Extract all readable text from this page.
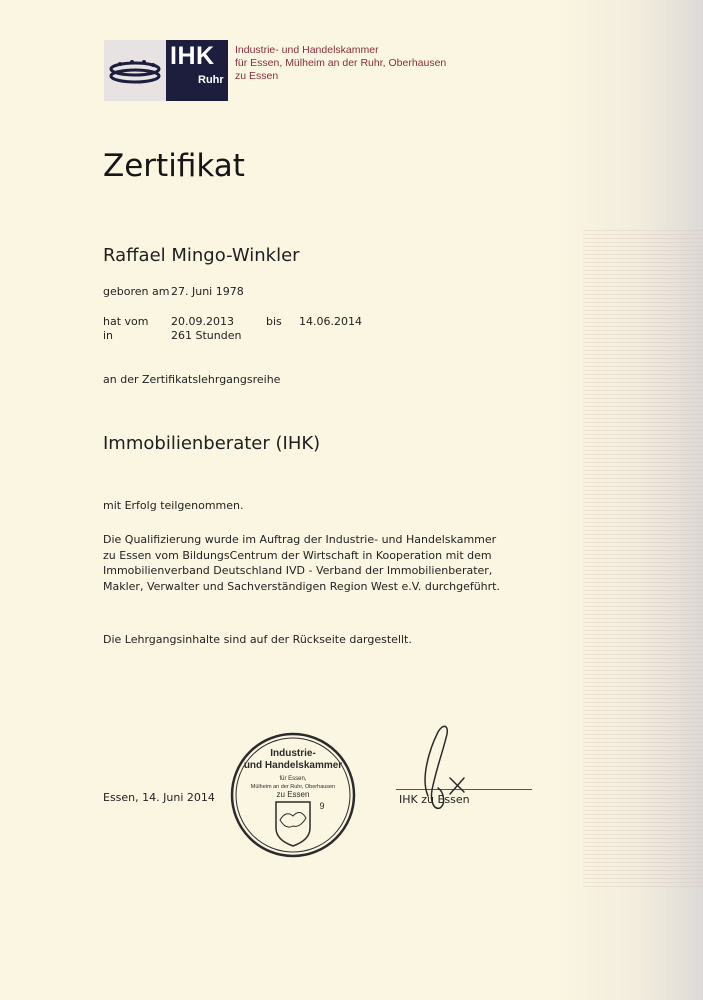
IHK
Ruhr
Industrie- und Handelskammer
für Essen, Mülheim an der Ruhr, Oberhausen
zu Essen
Zertifikat
Raffael Mingo-Winkler
geboren am 27. Juni 1978
hat vom 20.09.2013	bis 14.06.2014
in	261 Stunden
an der Zertifikatslehrgangsreihe
Immobilienberater (IHK)
mit Erfolg teilgenommen.
Die Qualifizierung wurde im Auftrag der Industrie- und Handelskammer
zu Essen vom BildungsCentrum der Wirtschaft in Kooperation mit dem
Immobilienverband Deutschland IVD - Verband der Immobilienberater,
Makler, Verwalter und Sachverständigen Region West e.V. durchgeführt.
Die Lehrgangsinhalte sind auf der Rückseite dargestellt.
Industrie-
und Handelskammer
für Essen,
Mülheim an der Ruhr, Oberhausen
zu Essen
9
Essen, 14. Juni 2014	IHK zu Essen
